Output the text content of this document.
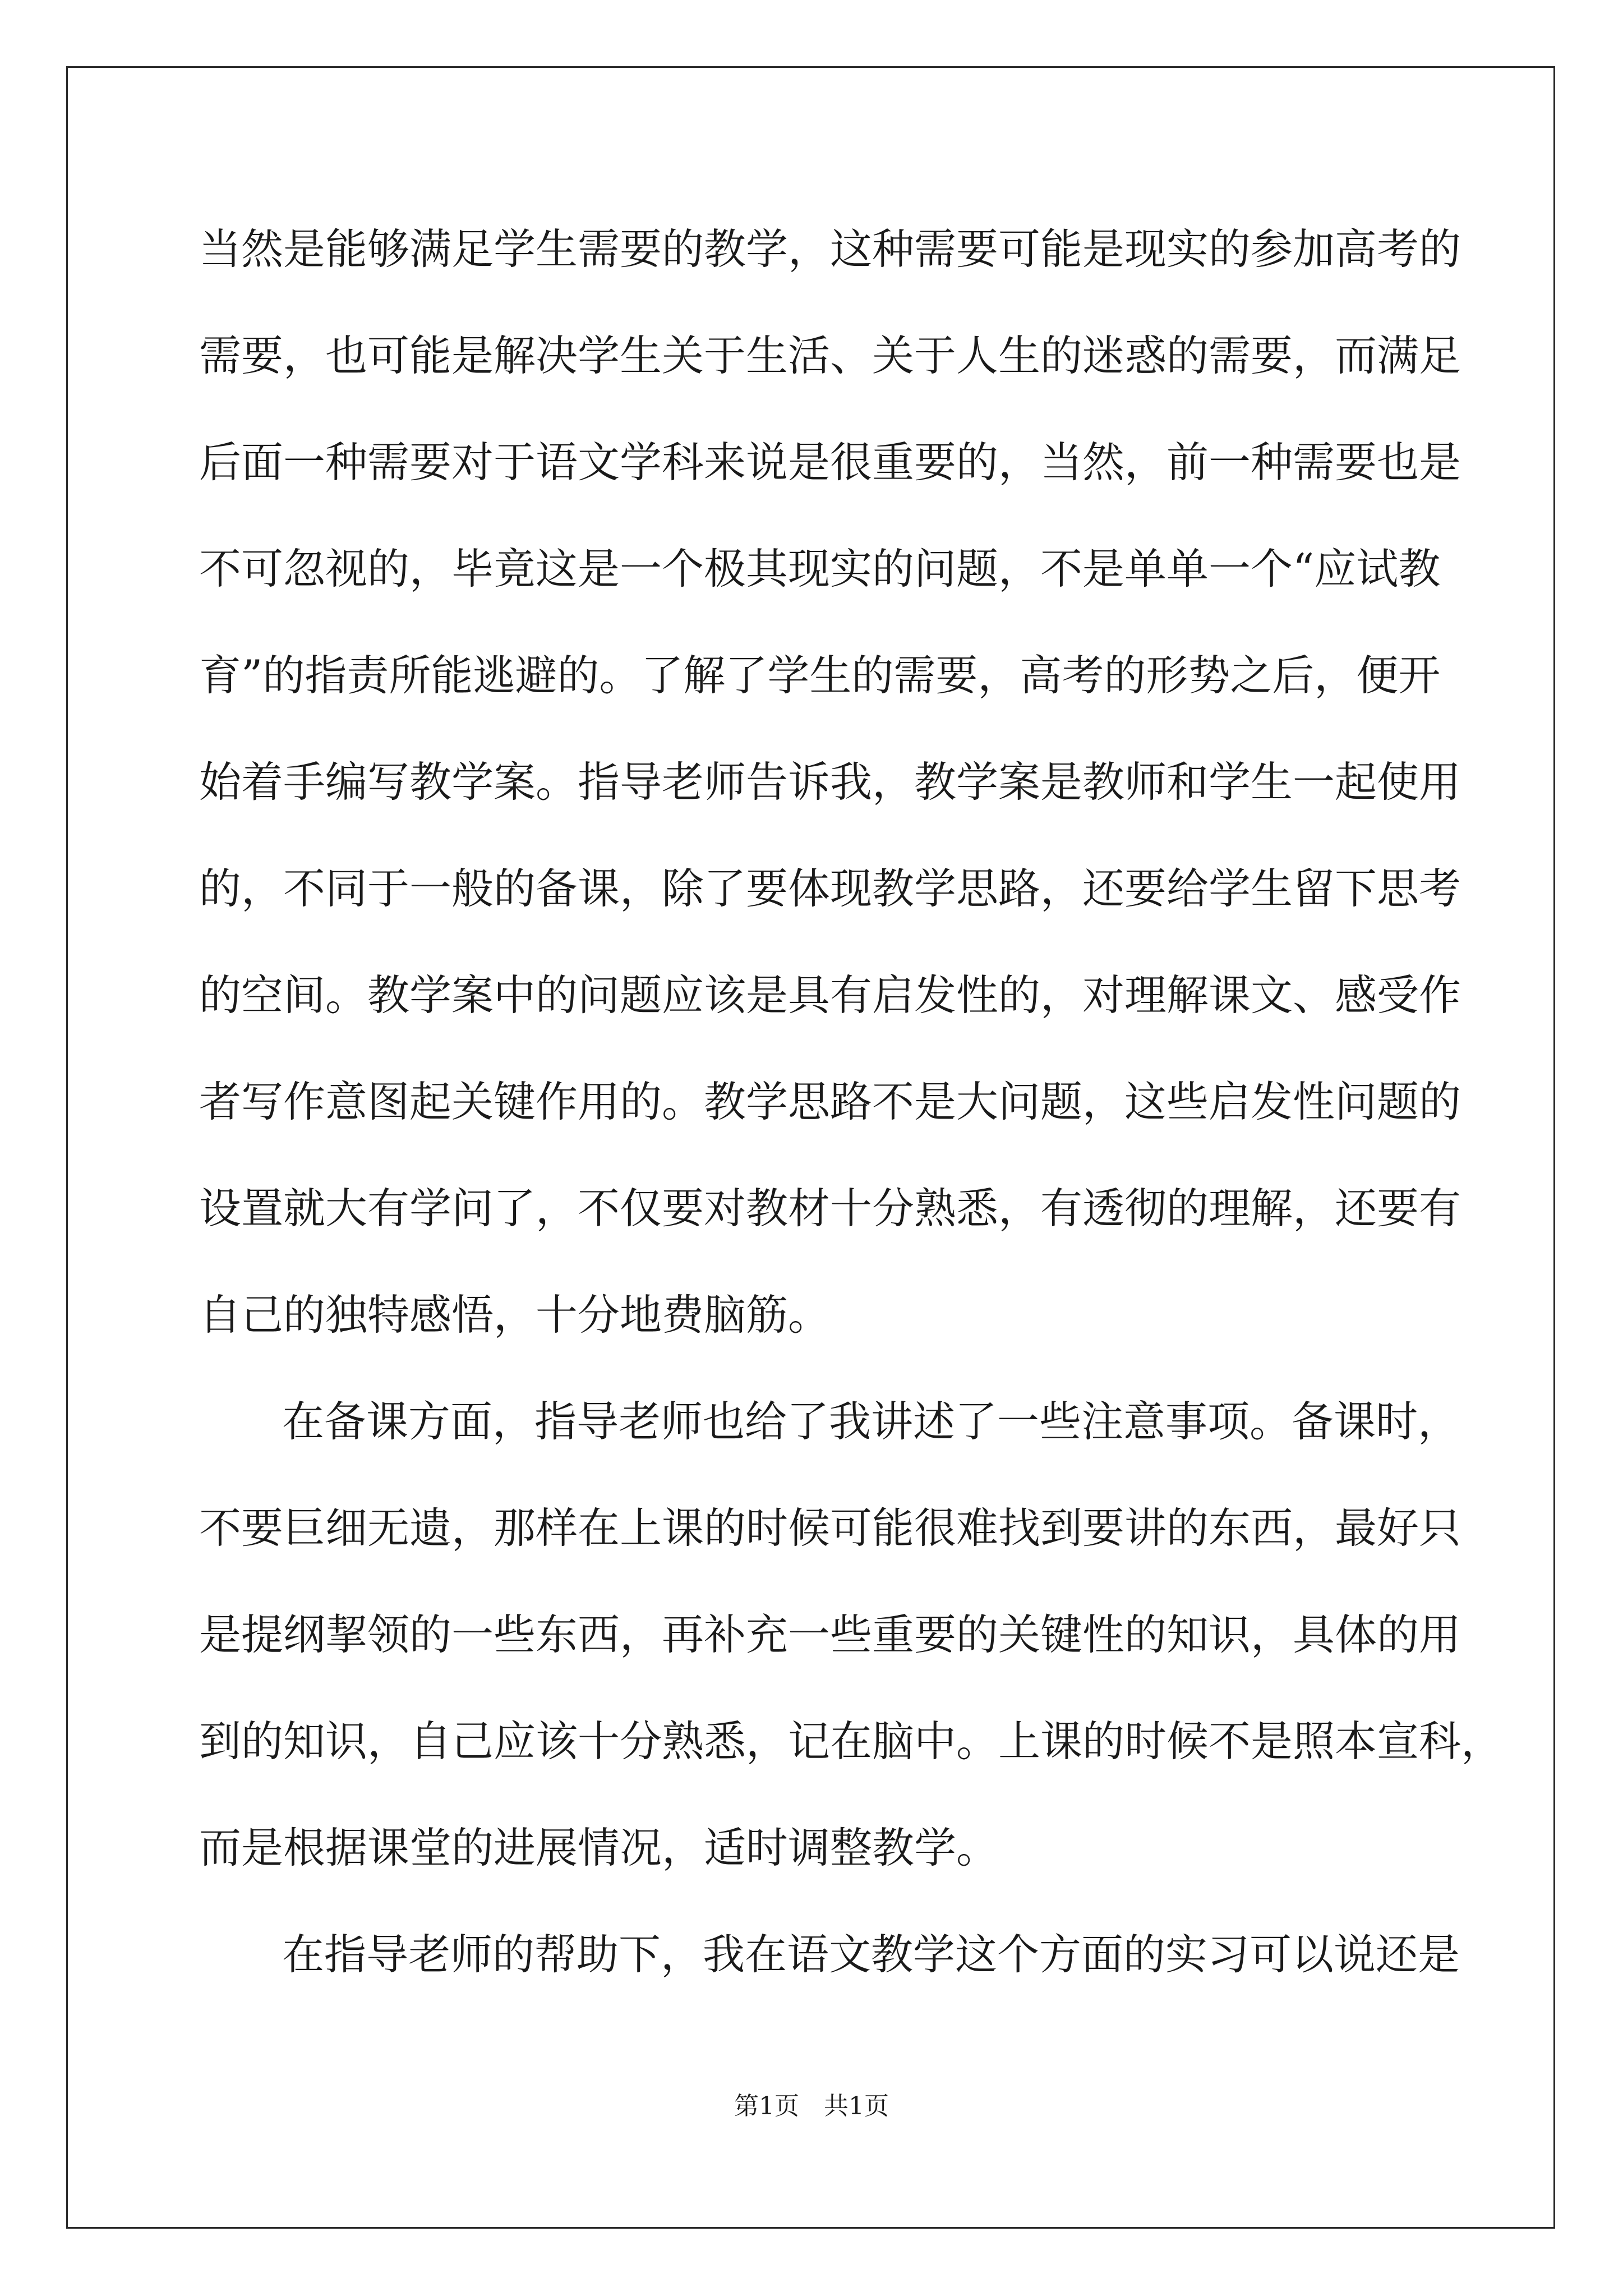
当然是能够满足学生需要的教学，这种需要可能是现实的参加高考的
需要，也可能是解决学生关于生活、关于人生的迷惑的需要，而满足
后面一种需要对于语文学科来说是很重要的，当然，前一种需要也是
不可忽视的，毕竟这是一个极其现实的问题，不是单单一个“应试教
育”的指责所能逃避的。了解了学生的需要，高考的形势之后，便开
始着手编写教学案。指导老师告诉我，教学案是教师和学生一起使用
的，不同于一般的备课，除了要体现教学思路，还要给学生留下思考
的空间。教学案中的问题应该是具有启发性的，对理解课文、感受作
者写作意图起关键作用的。教学思路不是大问题，这些启发性问题的
设置就大有学问了，不仅要对教材十分熟悉，有透彻的理解，还要有
自己的独特感悟，十分地费脑筋。
在备课方面，指导老师也给了我讲述了一些注意事项。备课时，
不要巨细无遗，那样在上课的时候可能很难找到要讲的东西，最好只
是提纲挈领的一些东西，再补充一些重要的关键性的知识，具体的用
到的知识，自己应该十分熟悉，记在脑中。上课的时候不是照本宣科，
而是根据课堂的进展情况，适时调整教学。
在指导老师的帮助下，我在语文教学这个方面的实习可以说还是
第1页　共1页
